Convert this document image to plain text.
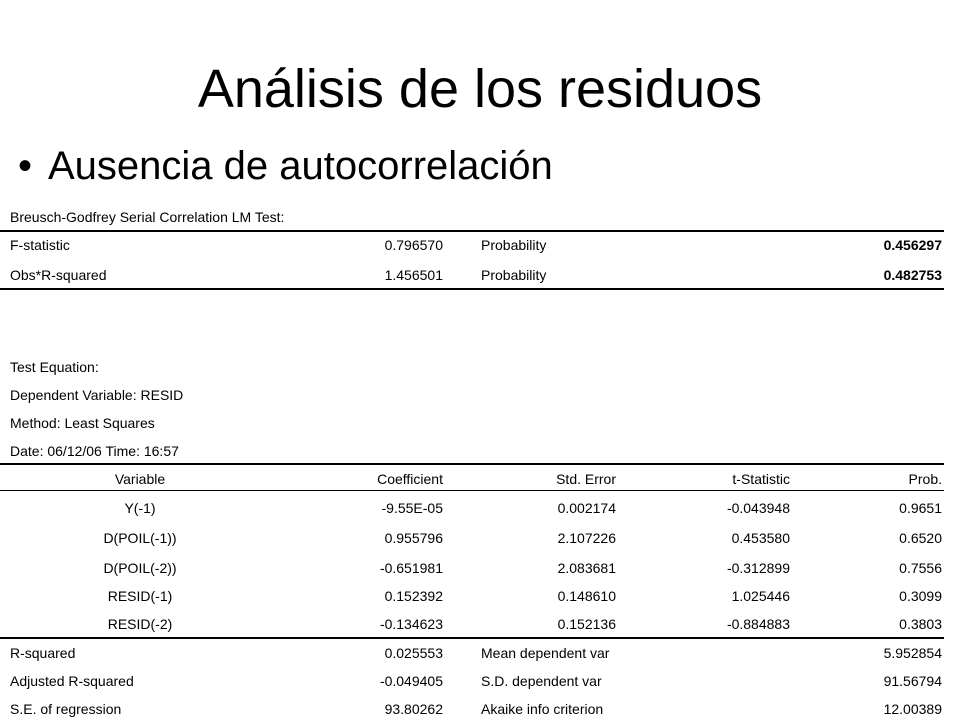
Análisis de los residuos
• Ausencia de autocorrelación
Breusch-Godfrey Serial Correlation LM Test:
F-statistic	0.796570	Probability	0.456297
Obs*R-squared	1.456501	Probability	0.482753
Test Equation:
Dependent Variable: RESID
Method: Least Squares
Date: 06/12/06 Time: 16:57
Variable	Coefficient	Std. Error	t-Statistic	Prob.
Y(-1)	-9.55E-05	0.002174	-0.043948	0.9651
D(POIL(-1))	0.955796	2.107226	0.453580	0.6520
D(POIL(-2))	-0.651981	2.083681	-0.312899	0.7556
RESID(-1)	0.152392	0.148610	1.025446	0.3099
RESID(-2)	-0.134623	0.152136	-0.884883	0.3803
R-squared	0.025553	Mean dependent var	5.952854
Adjusted R-squared	-0.049405	S.D. dependent var	91.56794
S.E. of regression	93.80262	Akaike info criterion	12.00389
